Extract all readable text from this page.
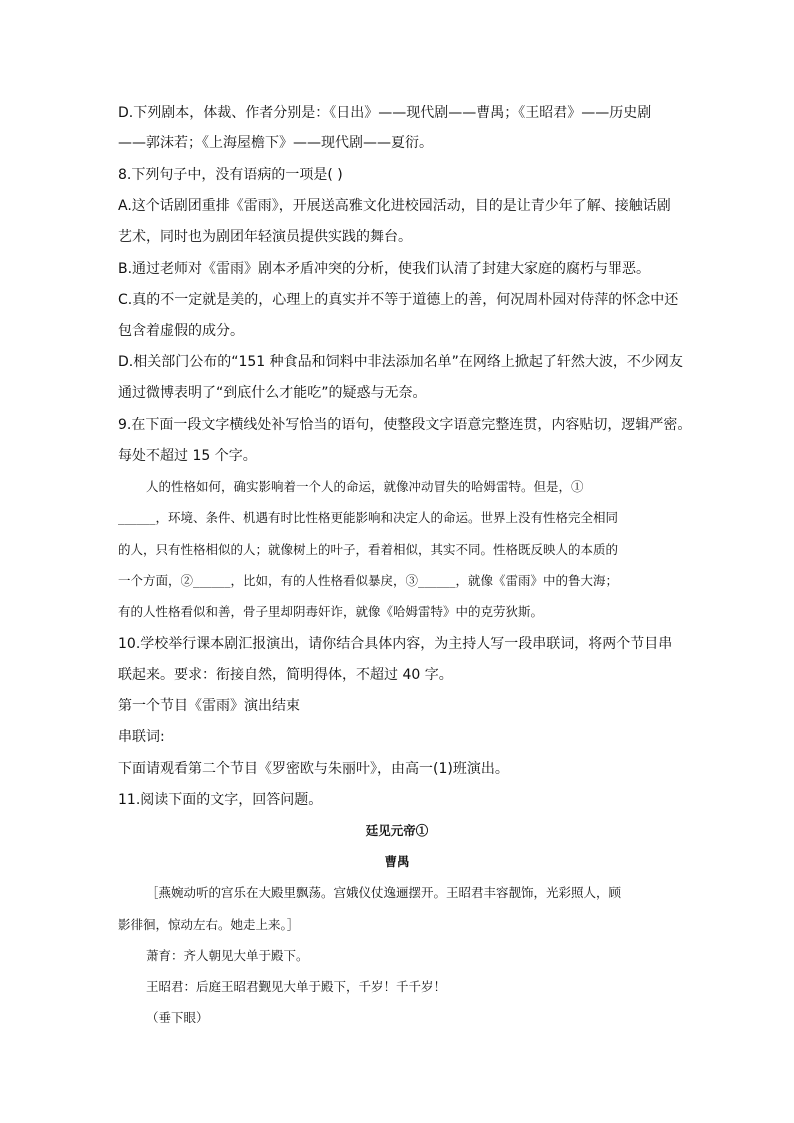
D.下列剧本，体裁、作者分别是：《日出》——现代剧——曹禺；《王昭君》——历史剧
——郭沫若；《上海屋檐下》——现代剧——夏衍。
8.下列句子中，没有语病的一项是( )
A.这个话剧团重排《雷雨》，开展送高雅文化进校园活动，目的是让青少年了解、接触话剧
艺术，同时也为剧团年轻演员提供实践的舞台。
B.通过老师对《雷雨》剧本矛盾冲突的分析，使我们认清了封建大家庭的腐朽与罪恶。
C.真的不一定就是美的，心理上的真实并不等于道德上的善，何况周朴园对侍萍的怀念中还
包含着虚假的成分。
D.相关部门公布的“151 种食品和饲料中非法添加名单”在网络上掀起了轩然大波，不少网友
通过微博表明了“到底什么才能吃”的疑惑与无奈。
9.在下面一段文字横线处补写恰当的语句，使整段文字语意完整连贯，内容贴切，逻辑严密。
每处不超过 15 个字。
人的性格如何，确实影响着一个人的命运，就像冲动冒失的哈姆雷特。但是，①
______，环境、条件、机遇有时比性格更能影响和决定人的命运。世界上没有性格完全相同
的人，只有性格相似的人；就像树上的叶子，看着相似，其实不同。性格既反映人的本质的
一个方面，②______，比如，有的人性格看似暴戾，③______，就像《雷雨》中的鲁大海；
有的人性格看似和善，骨子里却阴毒奸诈，就像《哈姆雷特》中的克劳狄斯。
10.学校举行课本剧汇报演出，请你结合具体内容，为主持人写一段串联词，将两个节目串
联起来。要求：衔接自然，简明得体，不超过 40 字。
第一个节目《雷雨》演出结束
串联词:
下面请观看第二个节目《罗密欧与朱丽叶》，由高一(1)班演出。
11.阅读下面的文字，回答问题。
廷见元帝①
曹禺
［燕婉动听的宫乐在大殿里飘荡。宫娥仪仗逸逦摆开。王昭君丰容靓饰，光彩照人，顾
影徘徊，惊动左右。她走上来。］
萧育：齐人朝见大单于殿下。
王昭君：后庭王昭君觐见大单于殿下，千岁！千千岁！
（垂下眼）
